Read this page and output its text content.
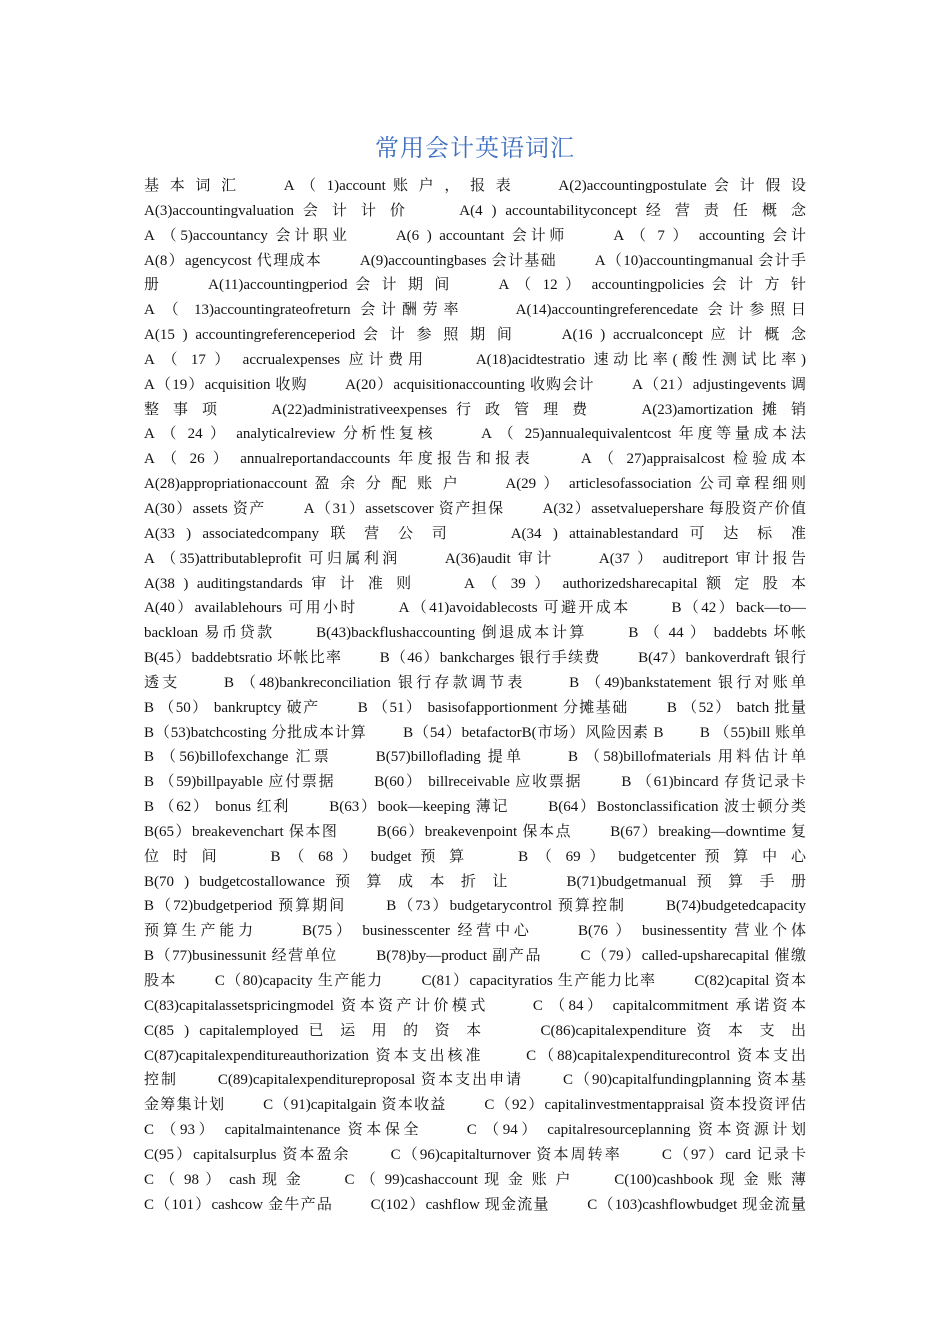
常用会计英语词汇
基 本 词 汇 　　A （ 1)account 账 户 ， 报 表 　　A(2)accountingpostulate 会 计 假 设
A(3)accountingvaluation 会 计 计 价 　　A(4 ) accountabilityconcept 经 营 责 任 概 念
A （5)accountancy 会计职业 　　A(6 ) accountant 会计师 　　A （ 7 ） accounting 会计
A(8）agencycost 代理成本 　　A(9)accountingbases 会计基础 　　A（10)accountingmanual 会计手
册 　　A(11)accountingperiod 会 计 期 间 　　A （ 12 ） accountingpolicies 会 计 方 针
A （ 13)accountingrateofreturn 会计酬劳率 　　A(14)accountingreferencedate 会计参照日
A(15 ) accountingreferenceperiod 会 计 参 照 期 间 　　A(16 ) accrualconcept 应 计 概 念
A （ 17 ） accrualexpenses 应计费用 　　A(18)acidtestratio 速动比率(酸性测试比率)
A（19）acquisition 收购 　　A(20）acquisitionaccounting 收购会计 　　A（21）adjustingevents 调
整 事 项 　　A(22)administrativeexpenses 行 政 管 理 费 　　A(23)amortization 摊 销
A （ 24 ） analyticalreview 分析性复核 　　A （ 25)annualequivalentcost 年度等量成本法
A （ 26 ） annualreportandaccounts 年度报告和报表 　　A （ 27)appraisalcost 检验成本
A(28)appropriationaccount 盈 余 分 配 账 户 　　A(29 ） articlesofassociation 公司章程细则
A(30）assets 资产 　　A（31）assetscover 资产担保 　　A(32）assetvaluepershare 每股资产价值
A(33 ) associatedcompany 联 营 公 司 　　A(34 ) attainablestandard 可 达 标 准
A （35)attributableprofit 可归属利润 　　A(36)audit 审计 　　A(37 ） auditreport 审计报告
A(38 ) auditingstandards 审 计 准 则 　　A （ 39 ） authorizedsharecapital 额 定 股 本
A(40）availablehours 可用小时 　　A（41)avoidablecosts 可避开成本 　　B（42）back—to—
backloan 易币贷款 　　B(43)backflushaccounting 倒退成本计算 　　B （ 44 ） baddebts 坏帐
B(45）baddebtsratio 坏帐比率 　　B（46）bankcharges 银行手续费 　　B(47）bankoverdraft 银行
透支 　　B （48)bankreconciliation 银行存款调节表 　　B （49)bankstatement 银行对账单
B （50） bankruptcy 破产 　　B （51） basisofapportionment 分摊基础 　　B （52） batch 批量
B（53)batchcosting 分批成本计算 　　B（54）betafactorB(市场）风险因素 B 　　B （55)bill 账单
B （56)billofexchange 汇票 　　B(57)billoflading 提单 　　B （58)billofmaterials 用料估计单
B （59)billpayable 应付票据 　　B(60） billreceivable 应收票据 　　B （61)bincard 存货记录卡
B （62） bonus 红利 　　B(63）book—keeping 薄记 　　B(64）Bostonclassification 波士顿分类
B(65）breakevenchart 保本图 　　B(66）breakevenpoint 保本点 　　B(67）breaking—downtime 复
位 时 间 　　B （ 68 ） budget 预 算 　　B （ 69 ） budgetcenter 预 算 中 心
B(70 ) budgetcostallowance 预 算 成 本 折 让 　　B(71)budgetmanual 预 算 手 册
B（72)budgetperiod 预算期间 　　B（73）budgetarycontrol 预算控制 　　B(74)budgetedcapacity
预算生产能力 　　B(75） businesscenter 经营中心 　　B(76 ） businessentity 营业个体
B（77)businessunit 经营单位 　　B(78)by—product 副产品 　　C（79）called-upsharecapital 催缴
股本 　　C（80)capacity 生产能力 　　C(81）capacityratios 生产能力比率 　　C(82)capital 资本
C(83)capitalassetspricingmodel 资本资产计价模式 　　C （84） capitalcommitment 承诺资本
C(85 ) capitalemployed 已 运 用 的 资 本 　　C(86)capitalexpenditure 资 本 支 出
C(87)capitalexpenditureauthorization 资本支出核准 　　C（88)capitalexpenditurecontrol 资本支出
控制 　　C(89)capitalexpenditureproposal 资本支出申请 　　C（90)capitalfundingplanning 资本基
金筹集计划 　　C（91)capitalgain 资本收益 　　C（92）capitalinvestmentappraisal 资本投资评估
C （93） capitalmaintenance 资本保全 　　C （94） capitalresourceplanning 资本资源计划
C(95）capitalsurplus 资本盈余 　　C（96)capitalturnover 资本周转率 　　C（97）card 记录卡
C （ 98 ） cash 现 金 　　C （ 99)cashaccount 现 金 账 户 　　C(100)cashbook 现 金 账 薄
C（101）cashcow 金牛产品 　　C(102）cashflow 现金流量 　　C（103)cashflowbudget 现金流量
